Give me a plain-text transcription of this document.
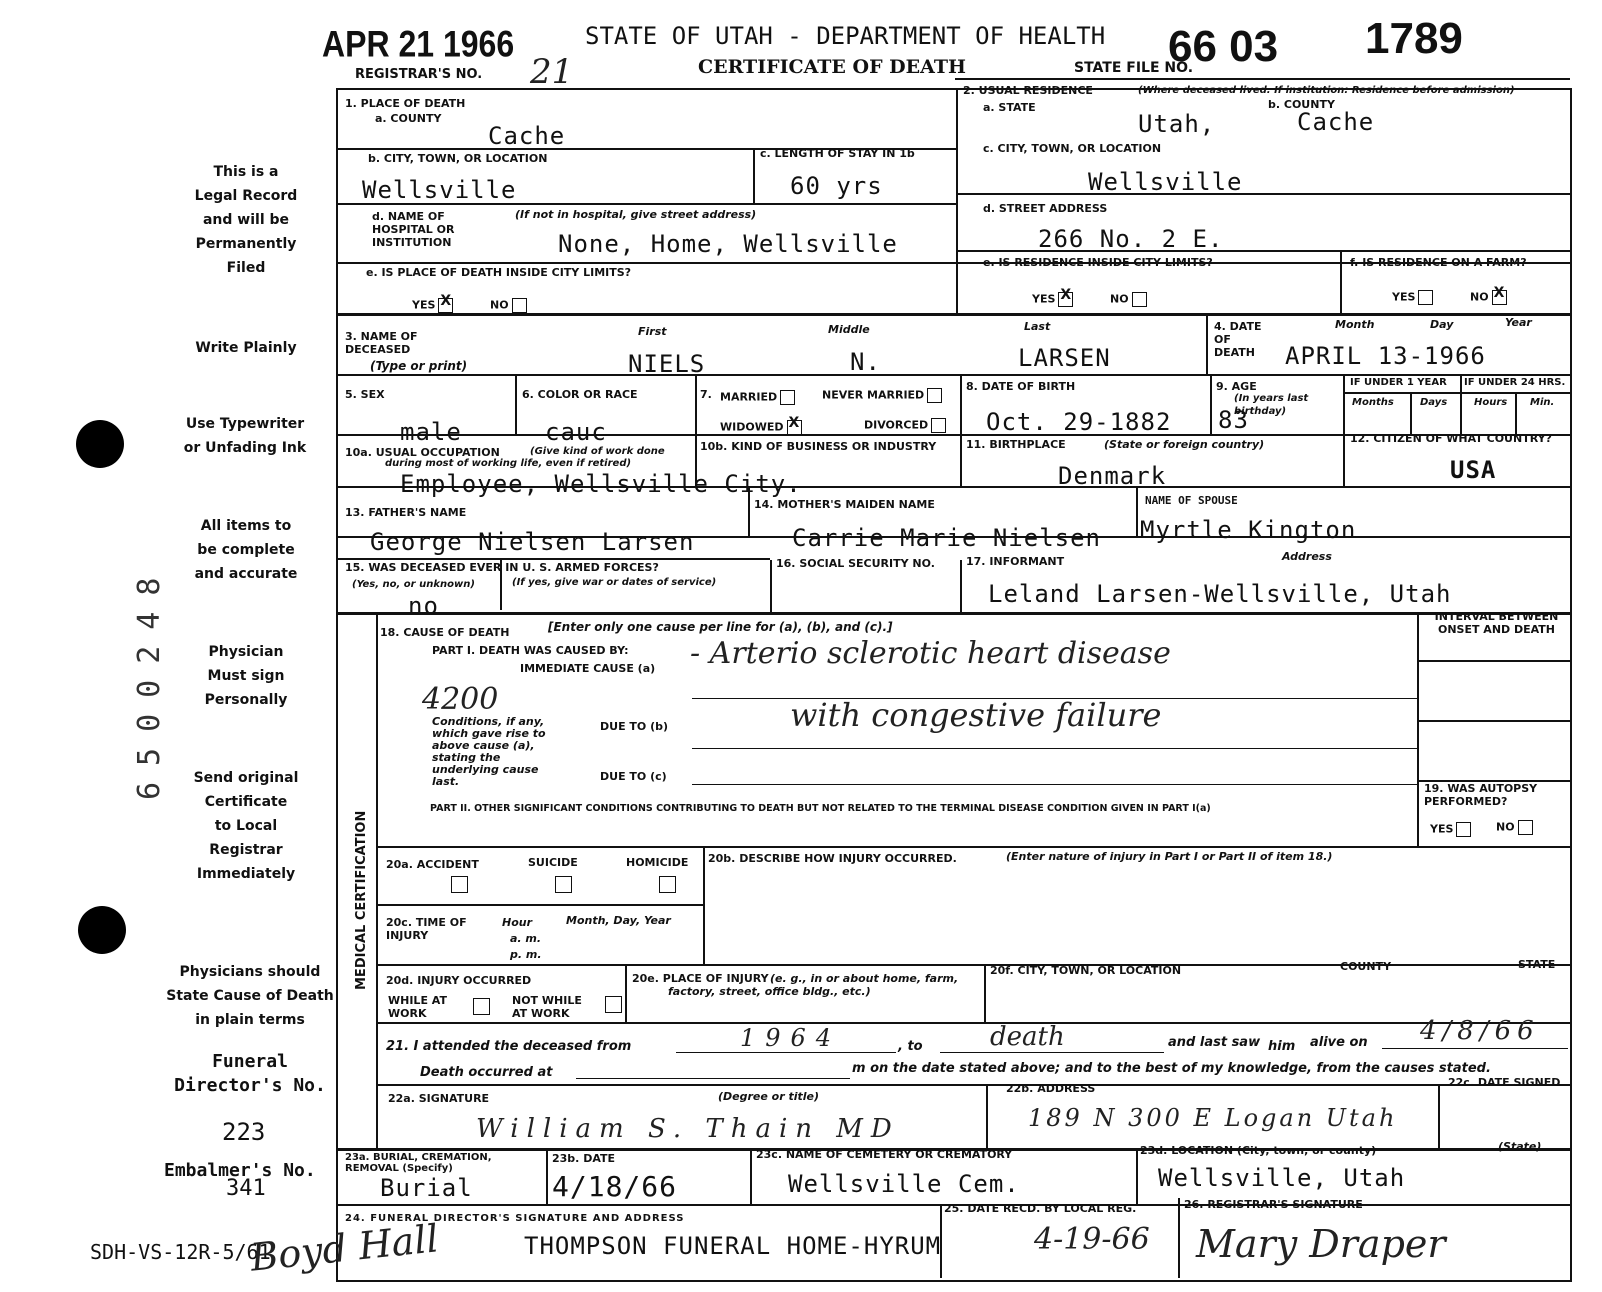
APR 21 1966
REGISTRAR'S NO. 21
STATE OF UTAH - DEPARTMENT OF HEALTH
CERTIFICATE OF DEATH	STATE FILE NO.
66 03 1789
This is a
Legal Record
and will be
Permanently
Filed
Write Plainly
Use Typewriter
or Unfading Ink
All items to
be complete
and accurate
Physician
Must sign
Personally
Send original
Certificate
to Local
Registrar
Immediately
Physicians should
State Cause of Death
in plain terms
Funeral
Director's No.
223
Embalmer's No.
341
SDH-VS-12R-5/61
6500248
MEDICAL CERTIFICATION
1. PLACE OF DEATH
a. COUNTY
Cache
b. CITY, TOWN, OR LOCATION
Wellsville
c. LENGTH OF STAY IN 1b
60 yrs
d. NAME OF HOSPITAL OR INSTITUTION
(If not in hospital, give street address)
None, Home, Wellsville
e. IS PLACE OF DEATH INSIDE CITY LIMITS?
YES X	NO
2. USUAL RESIDENCE	(Where deceased lived. If institution: Residence before admission)
a. STATE	b. COUNTY
Utah,	Cache
c. CITY, TOWN, OR LOCATION
Wellsville
d. STREET ADDRESS
266 No. 2 E.
e. IS RESIDENCE INSIDE CITY LIMITS?
YES X	NO
f. IS RESIDENCE ON A FARM?
YES	NOX
3. NAME OF DECEASED
(Type or print)
First	Middle	Last
NIELS	N.	LARSEN
4. DATE OF DEATH
Month	Day	Year
APRIL 13-1966
5. SEX
male
6. COLOR OR RACE
cauc
7. MARRIED	NEVER MARRIED
WIDOWED X	DIVORCED
8. DATE OF BIRTH
Oct. 29-1882
9. AGE
(In years last birthday)
83
IF UNDER 1 YEAR IF UNDER 24 HRS.
Months	Days	Hours Min.
10a. USUAL OCCUPATION	(Give kind of work done during most of working life, even if retired)
Employee, Wellsville City.
10b. KIND OF BUSINESS OR INDUSTRY	11. BIRTHPLACE	(State or foreign country)
Denmark
12. CITIZEN OF WHAT COUNTRY?
USA
13. FATHER'S NAME
George Nielsen Larsen
14. MOTHER'S MAIDEN NAME
Carrie Marie Nielsen
NAME OF SPOUSE
Myrtle Kington
15. WAS DECEASED EVER IN U. S. ARMED FORCES?
(Yes, no, or unknown)	(If yes, give war or dates of service)
no
16. SOCIAL SECURITY NO.	17. INFORMANT	Address
Leland Larsen-Wellsville, Utah
18. CAUSE OF DEATH	[Enter only one cause per line for (a), (b), and (c).]
PART I. DEATH WAS CAUSED BY:
IMMEDIATE CAUSE (a) - Arterio sclerotic heart disease
INTERVAL BETWEEN ONSET AND DEATH
4200
Conditions, if any, which gave rise to above cause (a), stating the underlying cause last.
DUE TO (b)	with congestive failure
DUE TO (c)
PART II. OTHER SIGNIFICANT CONDITIONS CONTRIBUTING TO DEATH BUT NOT RELATED TO THE TERMINAL DISEASE CONDITION GIVEN IN PART I(a)
19. WAS AUTOPSY PERFORMED?
YES	NO
20a. ACCIDENT	SUICIDE	HOMICIDE 20b. DESCRIBE HOW INJURY OCCURRED.	(Enter nature of injury in Part I or Part II of item 18.)
20c. TIME OF INJURY
Hour
a. m.
p. m.
Month, Day, Year
20d. INJURY OCCURRED
WHILE AT WORK
NOT WHILE AT WORK
20e. PLACE OF INJURY (e. g., in or about home, farm, factory, street, office bldg., etc.)
20f. CITY, TOWN, OR LOCATION	COUNTY	STATE
21. I attended the deceased from	1964	, to	death	and last saw him alive on 4/8/66
Death occurred at	m on the date stated above; and to the best of my knowledge, from the causes stated.
22a. SIGNATURE	(Degree or title)
William S. Thain MD
22b. ADDRESS
189 N 300 E Logan Utah
22c. DATE SIGNED
23a. BURIAL, CREMATION, REMOVAL (Specify)
Burial
23b. DATE
4/18/66
23c. NAME OF CEMETERY OR CREMATORY
Wellsville Cem.
23d. LOCATION (City, town, or county)	(State)
Wellsville, Utah
24. FUNERAL DIRECTOR'S SIGNATURE AND ADDRESS
THOMPSON FUNERAL HOME-HYRUM
Boyd Hall
25. DATE RECD. BY LOCAL REG.
4-19-66
26. REGISTRAR'S SIGNATURE
Mary Draper
